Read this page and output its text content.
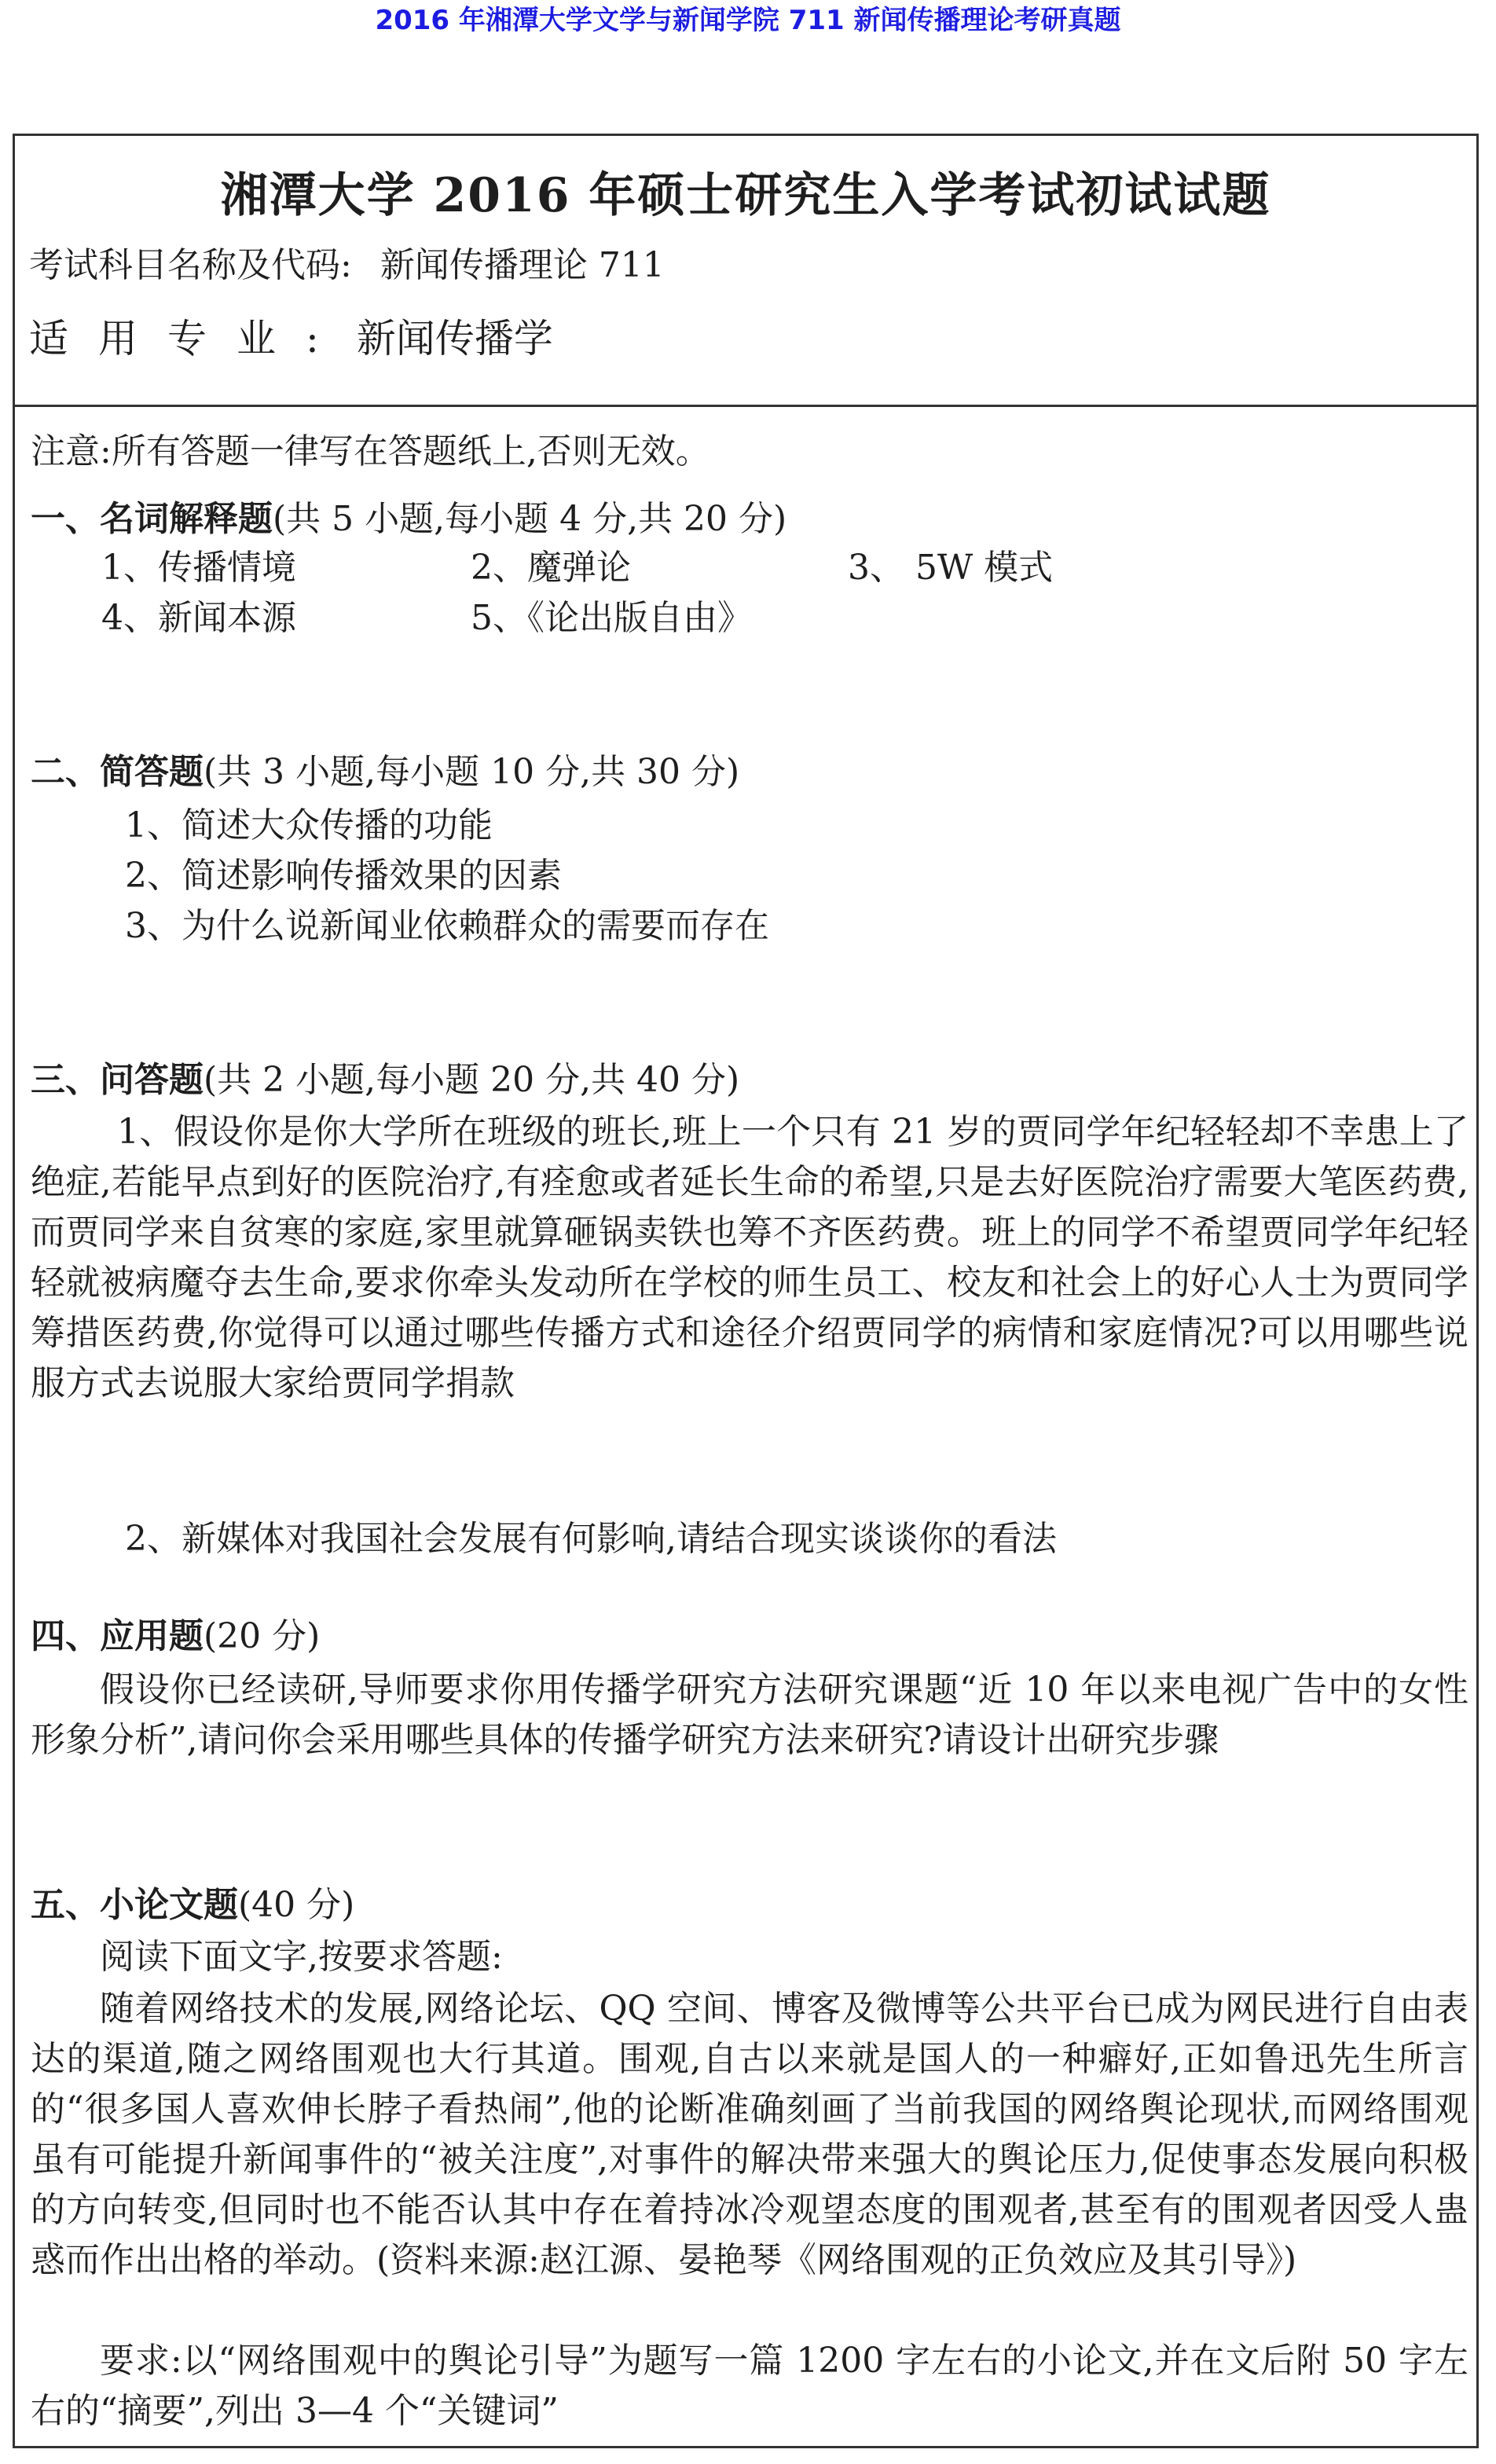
2016 年湘潭大学文学与新闻学院 711 新闻传播理论考研真题
湘潭大学 2016 年硕士研究生入学考试初试试题
考试科目名称及代码: 新闻传播理论 711
适用专业: 新闻传播学
注意:所有答题一律写在答题纸上,否则无效。
一、名词解释题(共 5 小题,每小题 4 分,共 20 分)
1、传播情境	2、魔弹论	3、 5W 模式
4、新闻本源	5、《论出版自由》
二、简答题(共 3 小题,每小题 10 分,共 30 分)
1、简述大众传播的功能
2、简述影响传播效果的因素
3、为什么说新闻业依赖群众的需要而存在
三、问答题(共 2 小题,每小题 20 分,共 40 分)
1、假设你是你大学所在班级的班长,班上一个只有 21 岁的贾同学年纪轻轻却不幸患上了绝症,若能早点到好的医院治疗,有痊愈或者延长生命的希望,只是去好医院治疗需要大笔医药费,而贾同学来自贫寒的家庭,家里就算砸锅卖铁也筹不齐医药费。班上的同学不希望贾同学年纪轻轻就被病魔夺去生命,要求你牵头发动所在学校的师生员工、校友和社会上的好心人士为贾同学筹措医药费,你觉得可以通过哪些传播方式和途径介绍贾同学的病情和家庭情况?可以用哪些说服方式去说服大家给贾同学捐款
2、新媒体对我国社会发展有何影响,请结合现实谈谈你的看法
四、应用题(20 分)
假设你已经读研,导师要求你用传播学研究方法研究课题“近 10 年以来电视广告中的女性形象分析”,请问你会采用哪些具体的传播学研究方法来研究?请设计出研究步骤
五、小论文题(40 分)
阅读下面文字,按要求答题:
随着网络技术的发展,网络论坛、QQ 空间、博客及微博等公共平台已成为网民进行自由表达的渠道,随之网络围观也大行其道。围观,自古以来就是国人的一种癖好,正如鲁迅先生所言的“很多国人喜欢伸长脖子看热闹”,他的论断准确刻画了当前我国的网络舆论现状,而网络围观虽有可能提升新闻事件的“被关注度”,对事件的解决带来强大的舆论压力,促使事态发展向积极的方向转变,但同时也不能否认其中存在着持冰冷观望态度的围观者,甚至有的围观者因受人蛊惑而作出出格的举动。(资料来源:赵江源、晏艳琴《网络围观的正负效应及其引导》)
要求:以“网络围观中的舆论引导”为题写一篇 1200 字左右的小论文,并在文后附 50 字左右的“摘要”,列出 3—4 个“关键词”
